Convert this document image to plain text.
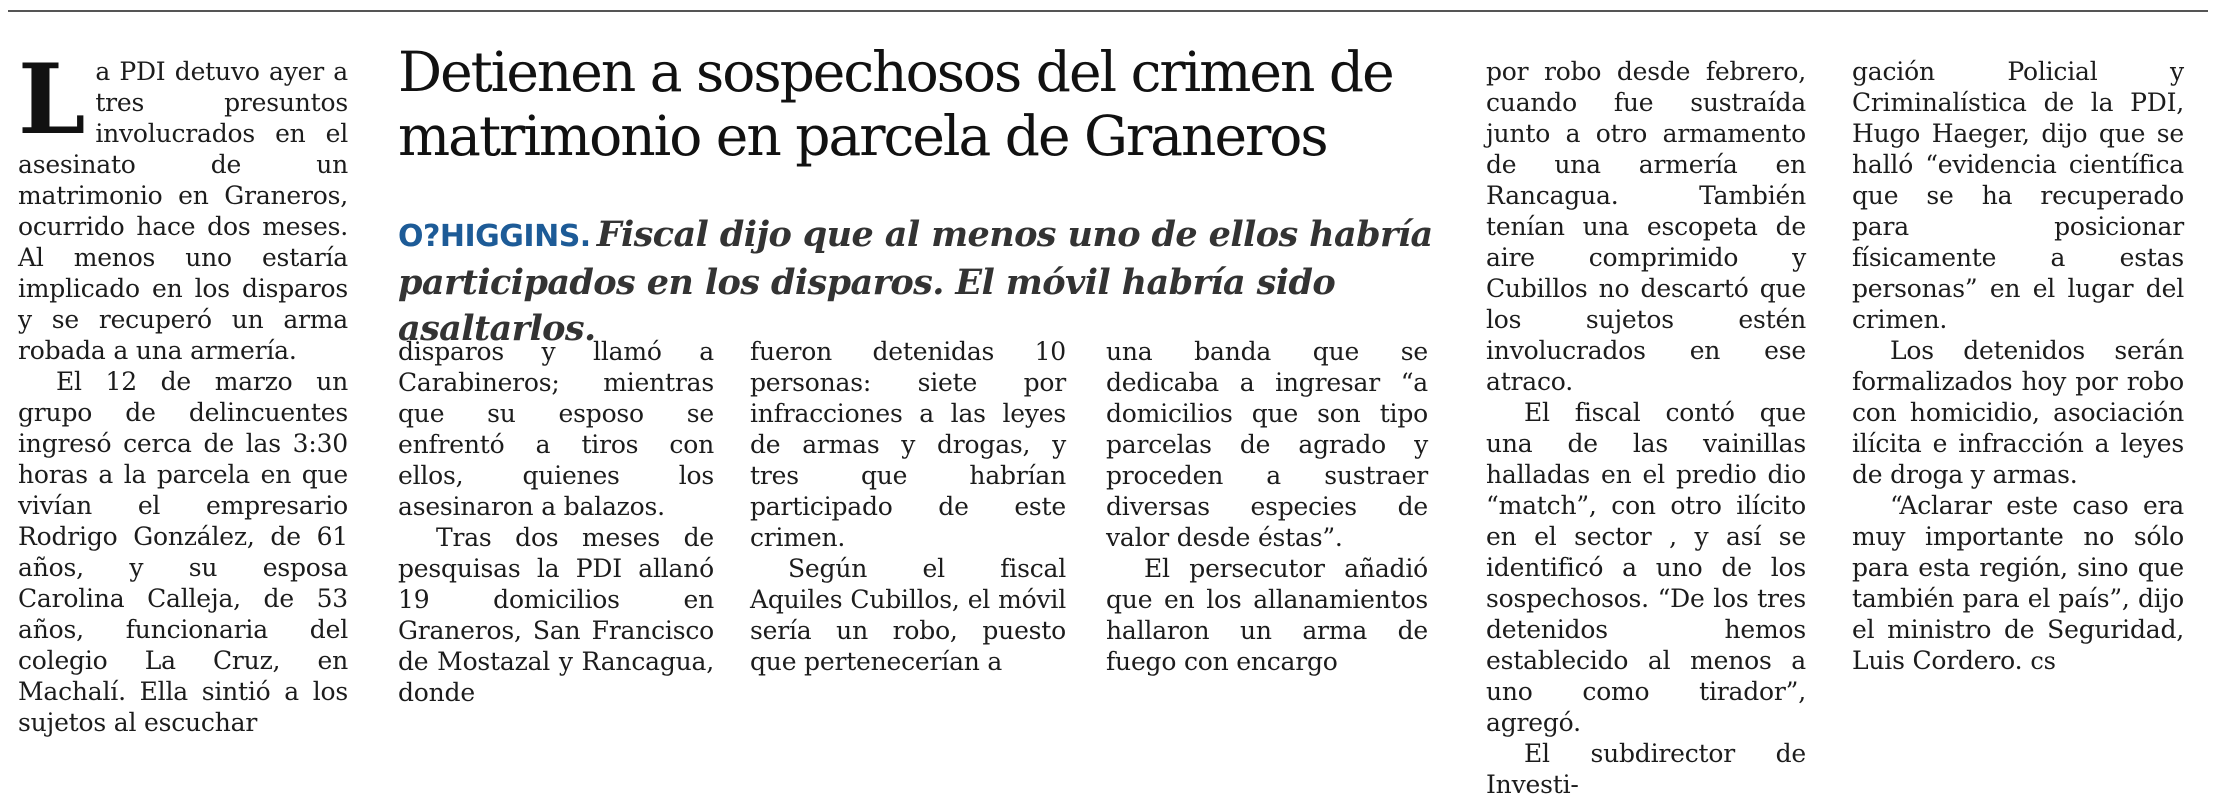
Detienen a sospechosos del crimen de matrimonio en parcela de Graneros

O?HIGGINS. Fiscal dijo que al menos uno de ellos habría participados en los disparos. El móvil habría sido asaltarlos.

La PDI detuvo ayer a tres presuntos involucrados en el asesinato de un matrimonio en Graneros, ocurrido hace dos meses. Al menos uno estaría implicado en los disparos y se recuperó un arma robada a una armería.

El 12 de marzo un grupo de delincuentes ingresó cerca de las 3:30 horas a la parcela en que vivían el empresario Rodrigo González, de 61 años, y su esposa Carolina Calleja, de 53 años, funcionaria del colegio La Cruz, en Machalí. Ella sintió a los sujetos al escuchar

disparos y llamó a Carabineros; mientras que su esposo se enfrentó a tiros con ellos, quienes los asesinaron a balazos.

Tras dos meses de pesquisas la PDI allanó 19 domicilios en Graneros, San Francisco de Mostazal y Rancagua, donde

fueron detenidas 10 personas: siete por infracciones a las leyes de armas y drogas, y tres que habrían participado de este crimen.

Según el fiscal Aquiles Cubillos, el móvil sería un robo, puesto que pertenecerían a

una banda que se dedicaba a ingresar “a domicilios que son tipo parcelas de agrado y proceden a sustraer diversas especies de valor desde éstas”.

El persecutor añadió que en los allanamientos hallaron un arma de fuego con encargo

por robo desde febrero, cuando fue sustraída junto a otro armamento de una armería en Rancagua. También tenían una escopeta de aire comprimido y Cubillos no descartó que los sujetos estén involucrados en ese atraco.

El fiscal contó que una de las vainillas halladas en el predio dio “match”, con otro ilícito en el sector , y así se identificó a uno de los sospechosos. “De los tres detenidos hemos establecido al menos a uno como tirador”, agregó.

El subdirector de Investi-

gación Policial y Criminalística de la PDI, Hugo Haeger, dijo que se halló “evidencia científica que se ha recuperado para posicionar físicamente a estas personas” en el lugar del crimen.

Los detenidos serán formalizados hoy por robo con homicidio, asociación ilícita e infracción a leyes de droga y armas.

“Aclarar este caso era muy importante no sólo para esta región, sino que también para el país”, dijo el ministro de Seguridad, Luis Cordero. cs
